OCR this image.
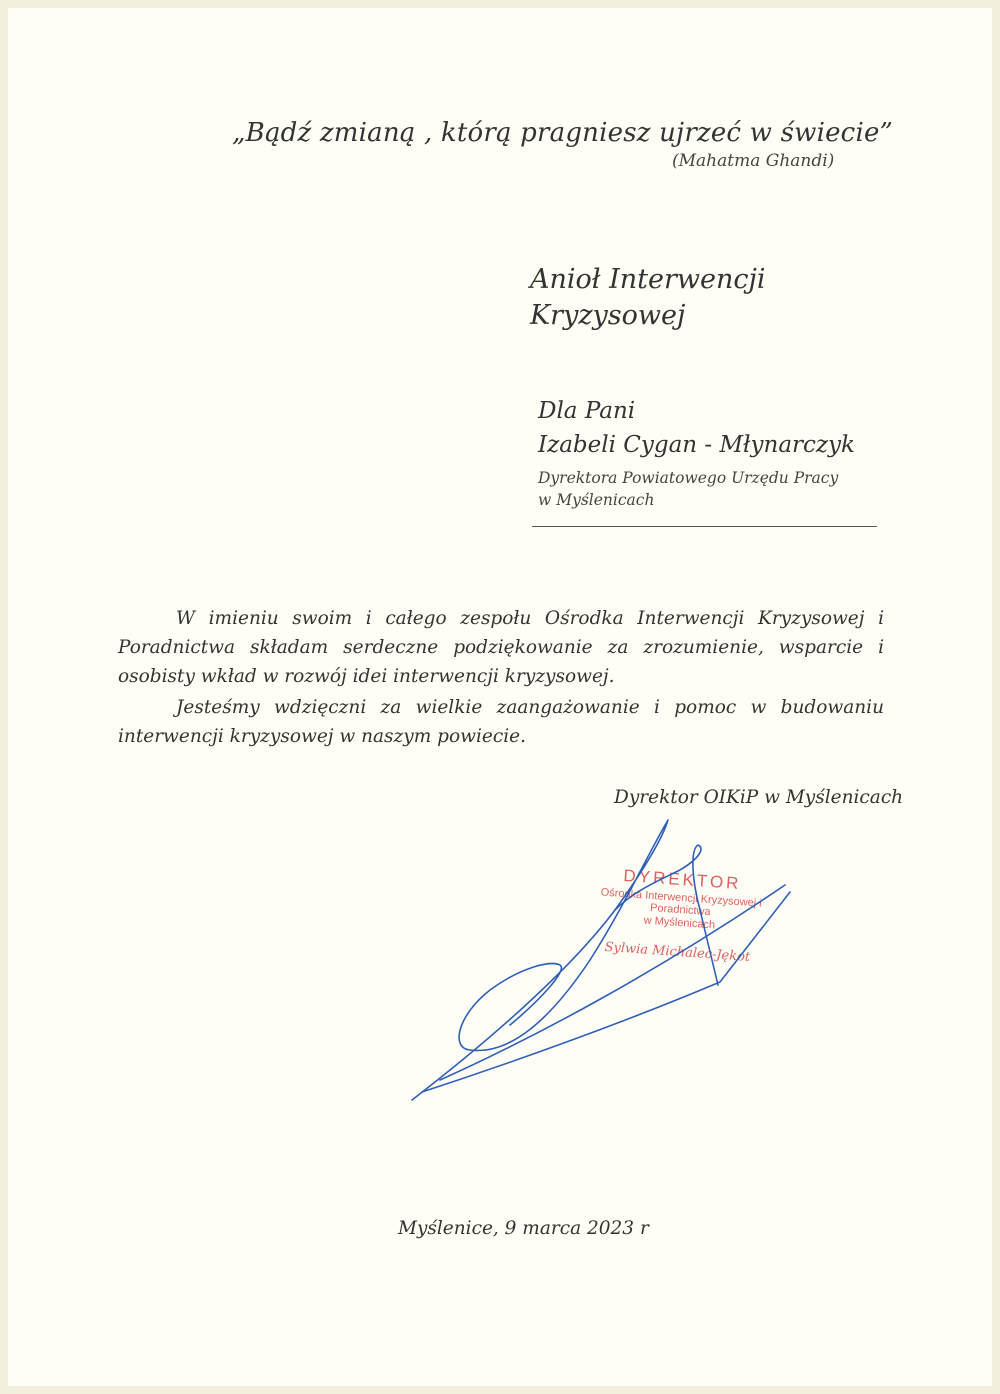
„Bądź zmianą , którą pragniesz ujrzeć w świecie”
(Mahatma Ghandi)
Anioł Interwencji
Kryzysowej
Dla Pani
Izabeli Cygan - Młynarczyk
Dyrektora Powiatowego Urzędu Pracy
w Myślenicach

W imieniu swoim i całego zespołu Ośrodka Interwencji Kryzysowej i Poradnictwa składam serdeczne podziękowanie za zrozumienie, wsparcie i osobisty wkład w rozwój idei interwencji kryzysowej.

Jesteśmy wdzięczni za wielkie zaangażowanie i pomoc w budowaniu interwencji kryzysowej w naszym powiecie.

Dyrektor OIKiP w Myślenicach
DYREKTOR
Ośrodka Interwencji Kryzysowej i Poradnictwa
w Myślenicach
Sylwia Michalec-Jękot
Myślenice, 9 marca 2023 r
